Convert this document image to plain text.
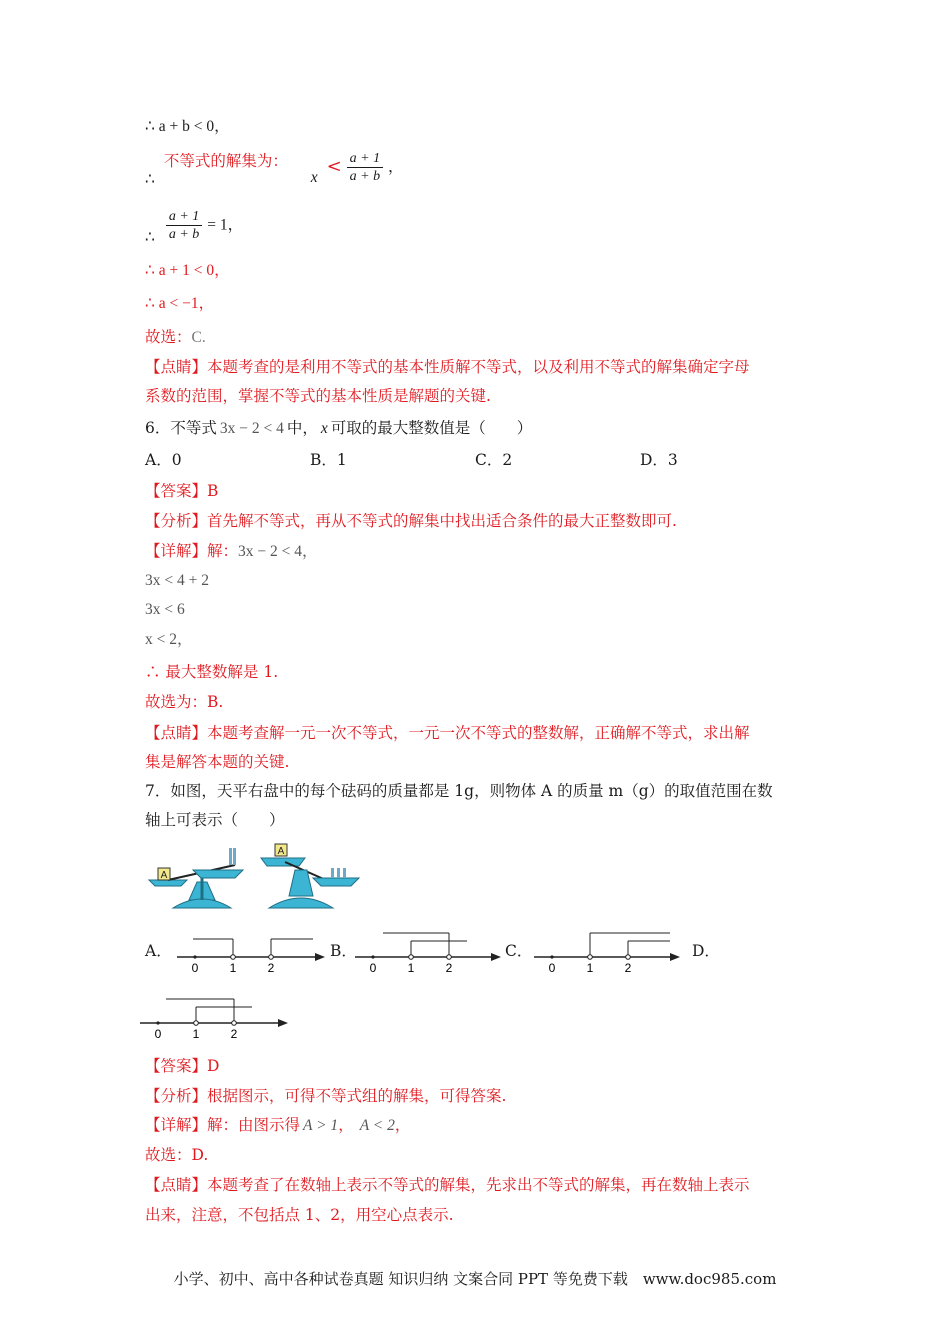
∴ a + b < 0，
∴ 不等式的解集为： $x < \frac{a + 1}{a + b}$ ，
∴ $\frac{a + 1}{a + b} = 1$，
∴ a + 1 < 0，
∴ a < −1，
故选：C.
【点睛】本题考查的是利用不等式的基本性质解不等式，以及利用不等式的解集确定字母
系数的范围，掌握不等式的基本性质是解题的关键.
6．不等式 3x − 2 < 4 中， x 可取的最大整数值是（　　）
A．0	B．1	C．2	D．3
【答案】B
【分析】首先解不等式，再从不等式的解集中找出适合条件的最大正整数即可.
【详解】解：3x − 2 < 4，
3x < 4 + 2
3x < 6
x < 2，
∴ 最大整数解是 1.
故选为：B.
【点睛】本题考查解一元一次不等式，一元一次不等式的整数解，正确解不等式，求出解
集是解答本题的关键.
7．如图，天平右盘中的每个砝码的质量都是 1g，则物体 A 的质量 m（g）的取值范围在数
轴上可表示（　　）
A
A
A．	B．	C．	D．
0	1	2	0	1	2	0	1	2
0	1	2
【答案】D
【分析】根据图示，可得不等式组的解集，可得答案.
【详解】解：由图示得 A > 1， A < 2，
故选：D.
【点睛】本题考查了在数轴上表示不等式的解集，先求出不等式的解集，再在数轴上表示
出来，注意，不包括点 1、2，用空心点表示.
小学、初中、高中各种试卷真题 知识归纳 文案合同 PPT 等免费下载　www.doc985.com
